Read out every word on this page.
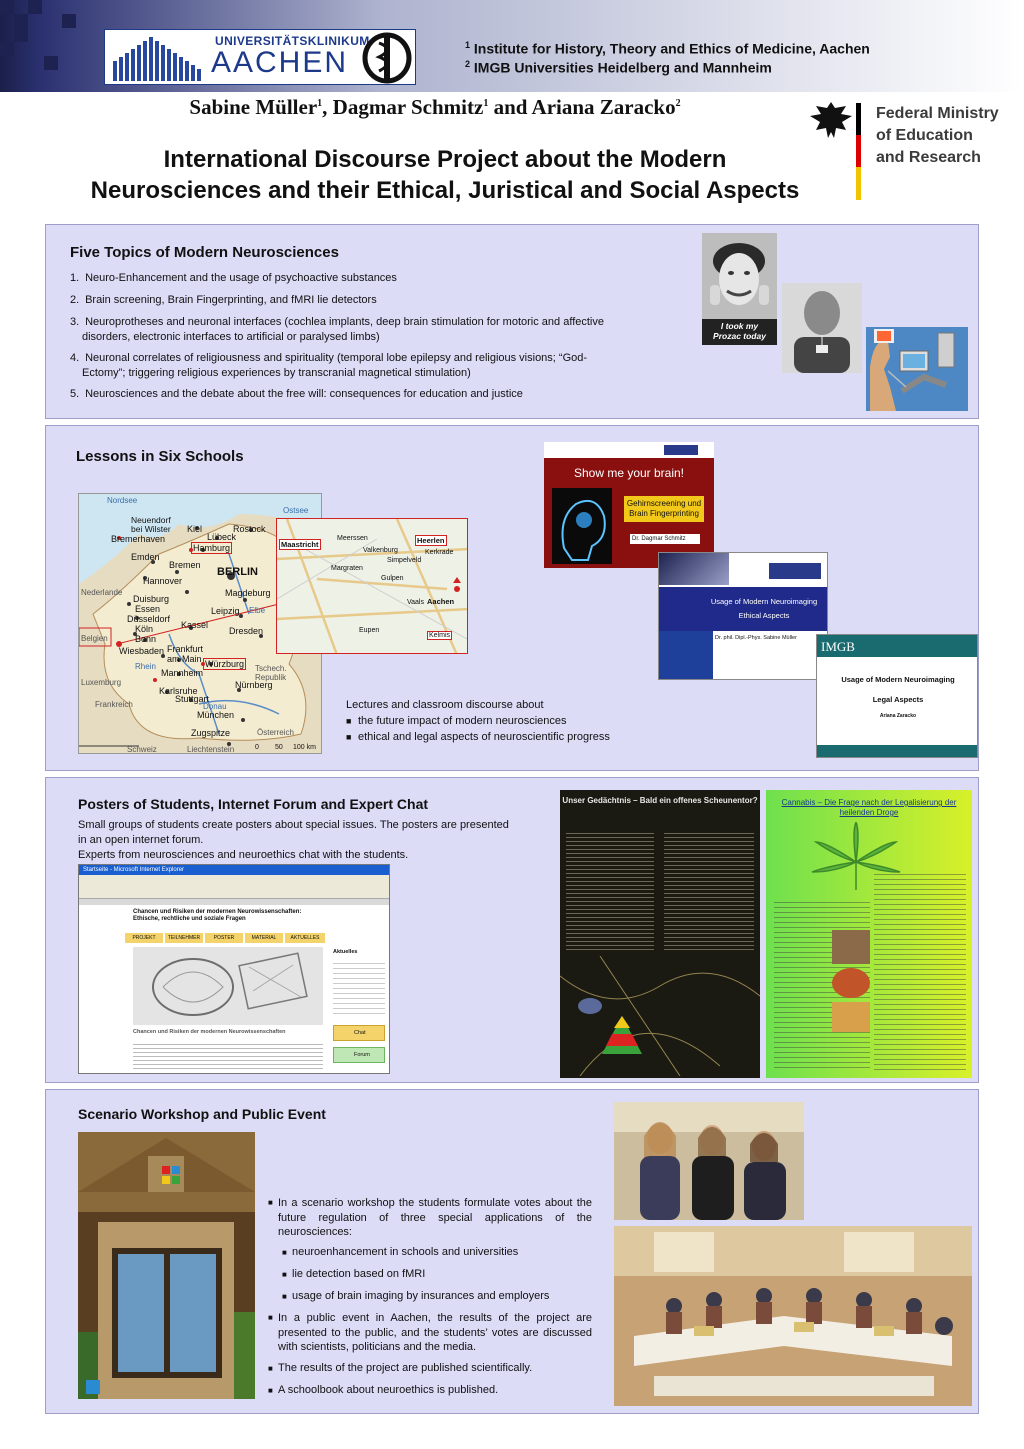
UNIVERSITÄTSKLINIKUM
AACHEN
$^1$ Institute for History, Theory and Ethics of Medicine, Aachen
$^2$ IMGB Universities Heidelberg and Mannheim
Sabine Müller$^1$, Dagmar Schmitz$^1$ and Ariana Zaracko$^2$
International Discourse Project about the Modern
Neurosciences and their Ethical, Juristical and Social Aspects
Federal Ministry
of Education
and Research
Five Topics of Modern Neurosciences
1. Neuro-Enhancement and the usage of psychoactive substances
2. Brain screening, Brain Fingerprinting, and fMRI lie detectors
3. Neuroprotheses and neuronal interfaces (cochlea implants, deep brain stimulation for motoric and affective
disorders, electronic interfaces to artificial or paralysed limbs)
4. Neuronal correlates of religiousness and spirituality (temporal lobe epilepsy and religious visions; “God-
Ectomy”; triggering religious experiences by transcranial magnetical stimulation)
5. Neurosciences and the debate about the free will: consequences for education and justice
I took my Prozac today
Lessons in Six Schools
Nordsee
Ostsee
Nederlande
Belgien
Luxemburg
Frankreich
Schweiz	Liechtenstein
Österreich
Tschech. Republik
Rhein
Elbe
Donau
Neuendorf bei Wilster	Kiel
Lübeck
Rostock
Hamburg
Bremerhaven
Emden
Bremen
BERLIN
Hannover
Magdeburg
Duisburg
Essen
Düsseldorf
Leipzig
Köln
Bonn
Kassel
Dresden
Frankfurt am Main
Wiesbaden
Würzburg
Mannheim
Karlsruhe
Stuttgart
Nürnberg
München
Zugspitze
0 50 100 km
Maastricht	Heerlen
Aachen
Kelmis
Eupen
Vaals
Margraten
Simpelveld
Valkenburg
Meerssen
Gulpen
Kerkrade
Lectures and classroom discourse about
■ the future impact of modern neurosciences
■ ethical and legal aspects of neuroscientific progress
Show me your brain!
Gehirnscreening und Brain Fingerprinting
Dr. Dagmar Schmitz
Usage of Modern Neuroimaging
Ethical Aspects
Dr. phil. Dipl.-Phys. Sabine Müller
IMGB
Usage of Modern Neuroimaging
Legal Aspects
Ariana Zaracko
Posters of Students, Internet Forum and Expert Chat
Small groups of students create posters about special issues. The posters are presented
in an open internet forum.
Experts from neurosciences and neuroethics chat with the students.
Startseite - Microsoft Internet Explorer
Chancen und Risiken der modernen Neurowissenschaften:
Ethische, rechtliche und soziale Fragen
PROJEKT	TEILNEHMER	POSTER	MATERIAL	AKTUELLES
Chancen und Risiken der modernen Neurowissenschaften
Aktuelles
Chat
Forum
Unser Gedächtnis – Bald ein offenes Scheunentor?	Cannabis – Die Frage nach der Legalisierung der heilenden Droge
Scenario Workshop and Public Event
■ In a scenario workshop the students formulate votes about the future regulation of three special applications of the neurosciences:
■ neuroenhancement in schools and universities
■ lie detection based on fMRI
■ usage of brain imaging by insurances and employers
■ In a public event in Aachen, the results of the project are presented to the public, and the students’ votes are discussed with scientists, politicians and the media.
■ The results of the project are published scientifically.
■ A schoolbook about neuroethics is published.
